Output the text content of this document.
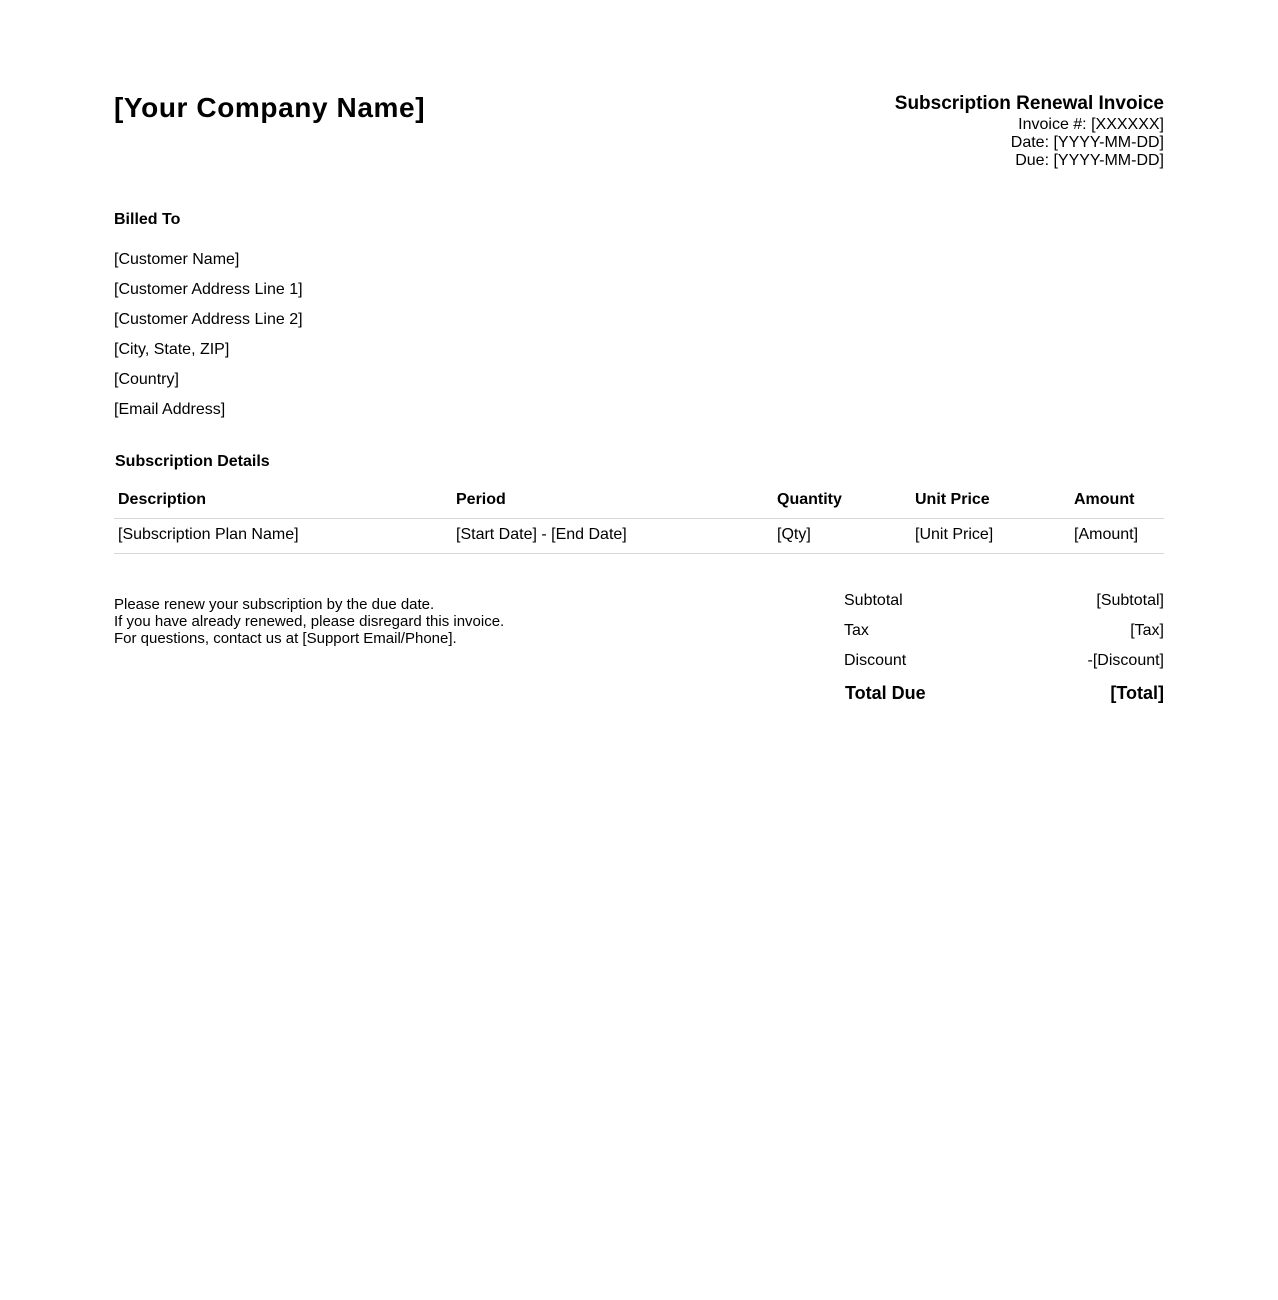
[Your Company Name]	Subscription Renewal Invoice
Invoice #: [XXXXXX]
Date: [YYYY-MM-DD]
Due: [YYYY-MM-DD]
Billed To
[Customer Name]
[Customer Address Line 1]
[Customer Address Line 2]
[City, State, ZIP]
[Country]
[Email Address]
Subscription Details
Description	Period	Quantity	Unit Price	Amount
[Subscription Plan Name]	[Start Date] - [End Date]	[Qty]	[Unit Price]	[Amount]

Please renew your subscription by the due date.

If you have already renewed, please disregard this invoice.

For questions, contact us at [Support Email/Phone].

Subtotal	[Subtotal]
Tax	[Tax]
Discount	-[Discount]
Total Due	[Total]
